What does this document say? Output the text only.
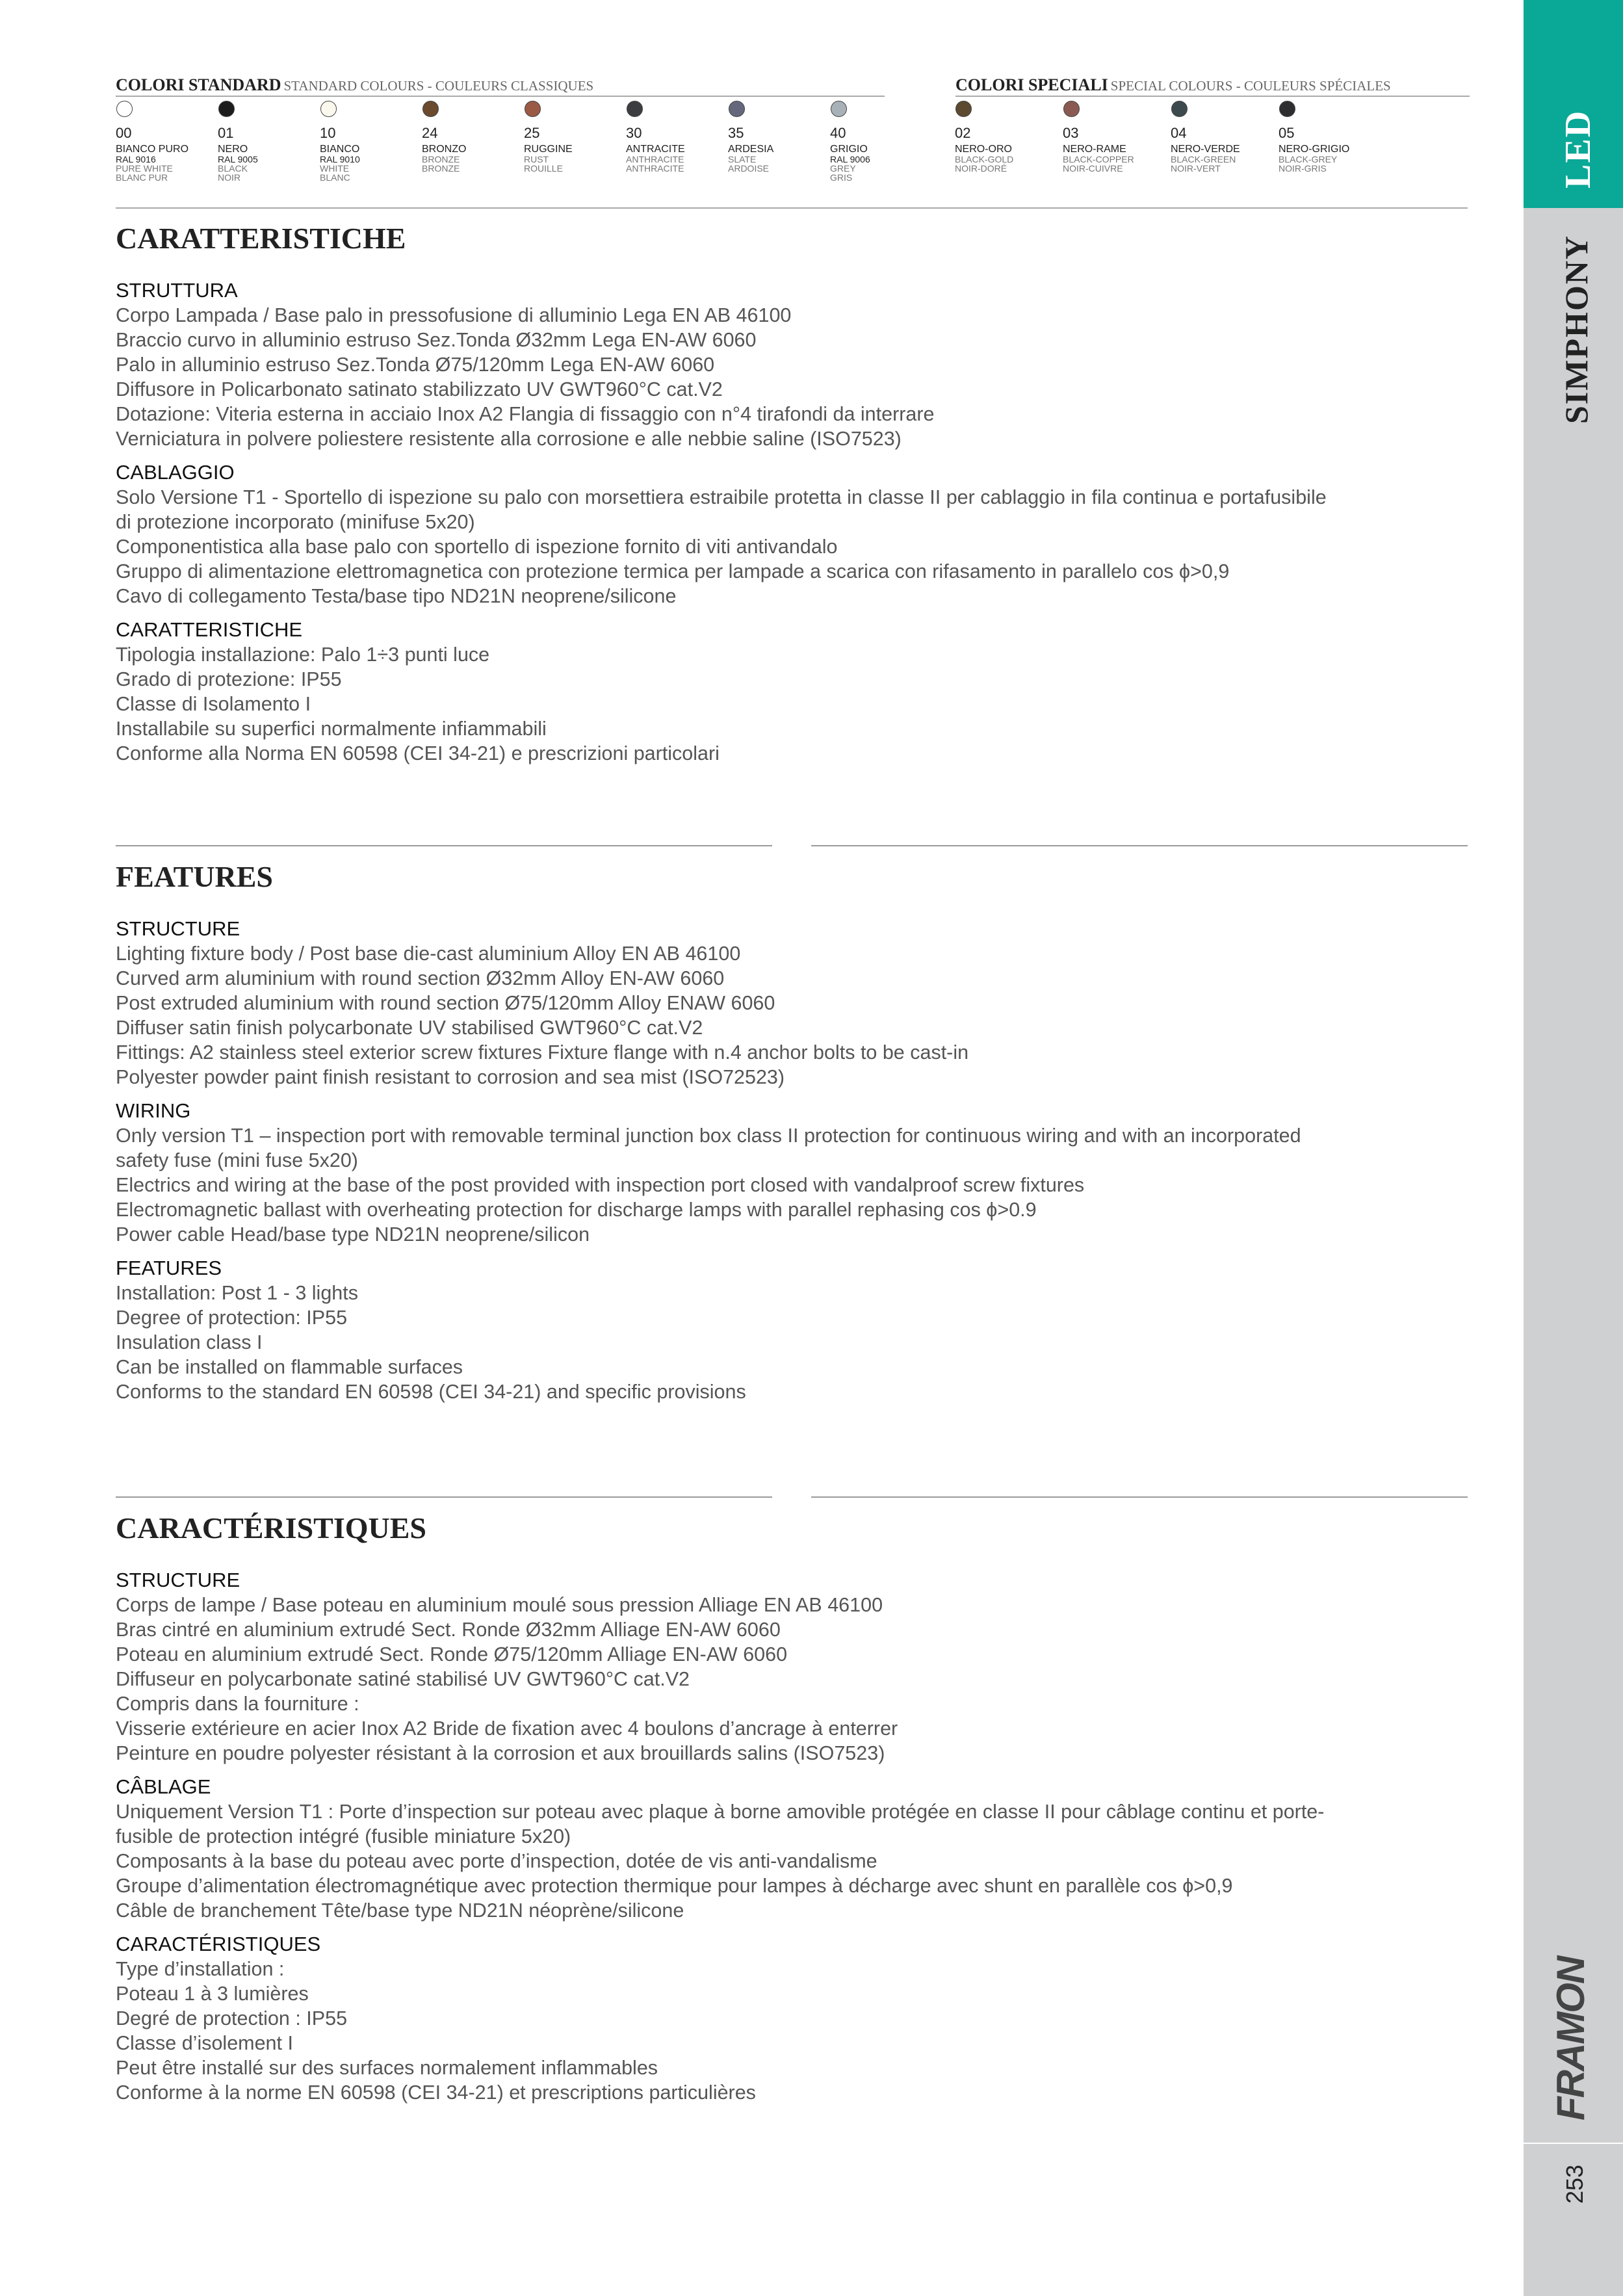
LED
SIMPHONY
FRAMON
253
COLORI STANDARD STANDARD COLOURS - COULEURS CLASSIQUES
00
BIANCO PURO
RAL 9016
PURE WHITE
BLANC PUR
01
NERO
RAL 9005
BLACK
NOIR
10
BIANCO
RAL 9010
WHITE
BLANC
24
BRONZO
BRONZE
BRONZE
25
RUGGINE
RUST
ROUILLE
30
ANTRACITE
ANTHRACITE
ANTHRACITE
35
ARDESIA
SLATE
ARDOISE
40
GRIGIO
RAL 9006
GREY
GRIS
COLORI SPECIALI SPECIAL COLOURS - COULEURS SPÉCIALES
02
NERO-ORO
BLACK-GOLD
NOIR-DORÉ
03
NERO-RAME
BLACK-COPPER
NOIR-CUIVRE
04
NERO-VERDE
BLACK-GREEN
NOIR-VERT
05
NERO-GRIGIO
BLACK-GREY
NOIR-GRIS
CARATTERISTICHE
STRUTTURA
Corpo Lampada / Base palo in pressofusione di alluminio Lega EN AB 46100
Braccio curvo in alluminio estruso Sez.Tonda Ø32mm Lega EN-AW 6060
Palo in alluminio estruso Sez.Tonda Ø75/120mm Lega EN-AW 6060
Diffusore in Policarbonato satinato stabilizzato UV GWT960°C cat.V2
Dotazione: Viteria esterna in acciaio Inox A2 Flangia di fissaggio con n°4 tirafondi da interrare
Verniciatura in polvere poliestere resistente alla corrosione e alle nebbie saline (ISO7523)
CABLAGGIO
Solo Versione T1 - Sportello di ispezione su palo con morsettiera estraibile protetta in classe II per cablaggio in fila continua e portafusibile
di protezione incorporato (minifuse 5x20)
Componentistica alla base palo con sportello di ispezione fornito di viti antivandalo
Gruppo di alimentazione elettromagnetica con protezione termica per lampade a scarica con rifasamento in parallelo cos ϕ>0,9
Cavo di collegamento Testa/base tipo ND21N neoprene/silicone
CARATTERISTICHE
Tipologia installazione: Palo 1÷3 punti luce
Grado di protezione: IP55
Classe di Isolamento I
Installabile su superfici normalmente infiammabili
Conforme alla Norma EN 60598 (CEI 34-21) e prescrizioni particolari
FEATURES
STRUCTURE
Lighting fixture body / Post base die-cast aluminium Alloy EN AB 46100
Curved arm aluminium with round section Ø32mm Alloy EN-AW 6060
Post extruded aluminium with round section Ø75/120mm Alloy ENAW 6060
Diffuser satin finish polycarbonate UV stabilised GWT960°C cat.V2
Fittings: A2 stainless steel exterior screw fixtures Fixture flange with n.4 anchor bolts to be cast-in
Polyester powder paint finish resistant to corrosion and sea mist (ISO72523)
WIRING
Only version T1 – inspection port with removable terminal junction box class II protection for continuous wiring and with an incorporated
safety fuse (mini fuse 5x20)
Electrics and wiring at the base of the post provided with inspection port closed with vandalproof screw fixtures
Electromagnetic ballast with overheating protection for discharge lamps with parallel rephasing cos ϕ>0.9
Power cable Head/base type ND21N neoprene/silicon
FEATURES
Installation: Post 1 - 3 lights
Degree of protection: IP55
Insulation class I
Can be installed on flammable surfaces
Conforms to the standard EN 60598 (CEI 34-21) and specific provisions
CARACTÉRISTIQUES
STRUCTURE
Corps de lampe / Base poteau en aluminium moulé sous pression Alliage EN AB 46100
Bras cintré en aluminium extrudé Sect. Ronde Ø32mm Alliage EN-AW 6060
Poteau en aluminium extrudé Sect. Ronde Ø75/120mm Alliage EN-AW 6060
Diffuseur en polycarbonate satiné stabilisé UV GWT960°C cat.V2
Compris dans la fourniture :
Visserie extérieure en acier Inox A2 Bride de fixation avec 4 boulons d’ancrage à enterrer
Peinture en poudre polyester résistant à la corrosion et aux brouillards salins (ISO7523)
CÂBLAGE
Uniquement Version T1 : Porte d’inspection sur poteau avec plaque à borne amovible protégée en classe II pour câblage continu et porte-
fusible de protection intégré (fusible miniature 5x20)
Composants à la base du poteau avec porte d’inspection, dotée de vis anti-vandalisme
Groupe d’alimentation électromagnétique avec protection thermique pour lampes à décharge avec shunt en parallèle cos ϕ>0,9
Câble de branchement Tête/base type ND21N néoprène/silicone
CARACTÉRISTIQUES
Type d’installation :
Poteau 1 à 3 lumières
Degré de protection : IP55
Classe d’isolement I
Peut être installé sur des surfaces normalement inflammables
Conforme à la norme EN 60598 (CEI 34-21) et prescriptions particulières
